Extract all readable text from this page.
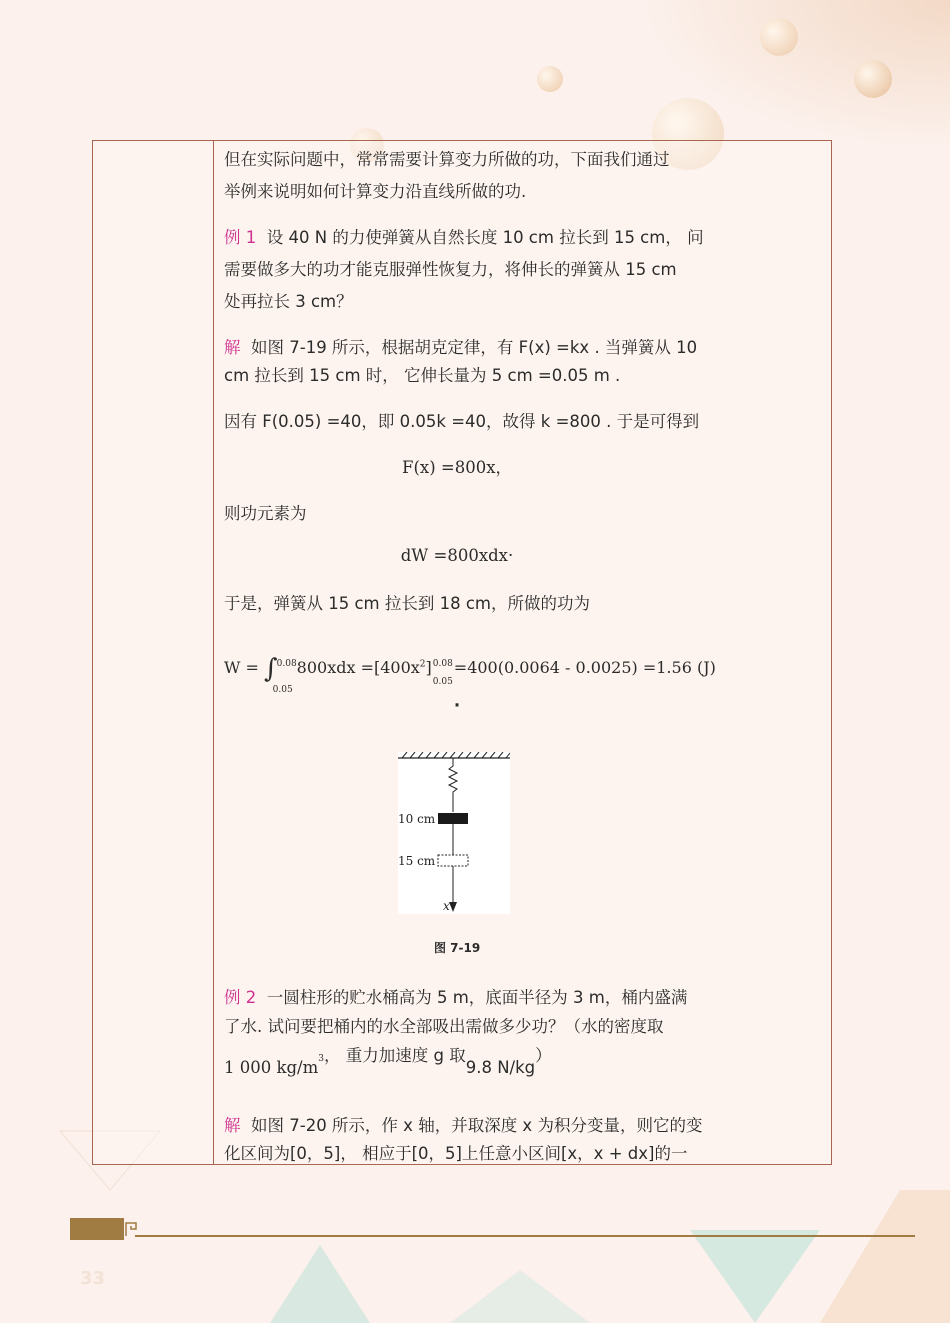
但在实际问题中，常常需要计算变力所做的功，下面我们通过
举例来说明如何计算变力沿直线所做的功.
例 1 设 40 N 的力使弹簧从自然长度 10 cm 拉长到 15 cm， 问
需要做多大的功才能克服弹性恢复力，将伸长的弹簧从 15 cm
处再拉长 3 cm？
解 如图 7-19 所示，根据胡克定律，有 F(x) =kx . 当弹簧从 10
cm 拉长到 15 cm 时， 它伸长量为 5 cm =0.05 m .
因有 F(0.05) =40，即 0.05k =40，故得 k =800 . 于是可得到
F(x) =800x，
则功元素为
dW =800xdx·
于是，弹簧从 15 cm 拉长到 18 cm，所做的功为
W = ∫ 0.08
0.05
$800xdx =[400x^2]$ 0.08
0.05
=400(0.0064 - 0.0025) =1.56 (J)
·
10 cm
15 cm
x
图 7-19
例 2 一圆柱形的贮水桶高为 5 m，底面半径为 3 m，桶内盛满
了水. 试问要把桶内的水全部吸出需做多少功？（水的密度取
1 000 $kg/m^3$， 重力加速度 g 取9.8 N/kg）
解 如图 7-20 所示，作 x 轴，并取深度 x 为积分变量，则它的变
化区间为[0，5]， 相应于[0，5]上任意小区间[x，x + dx]的一
33
